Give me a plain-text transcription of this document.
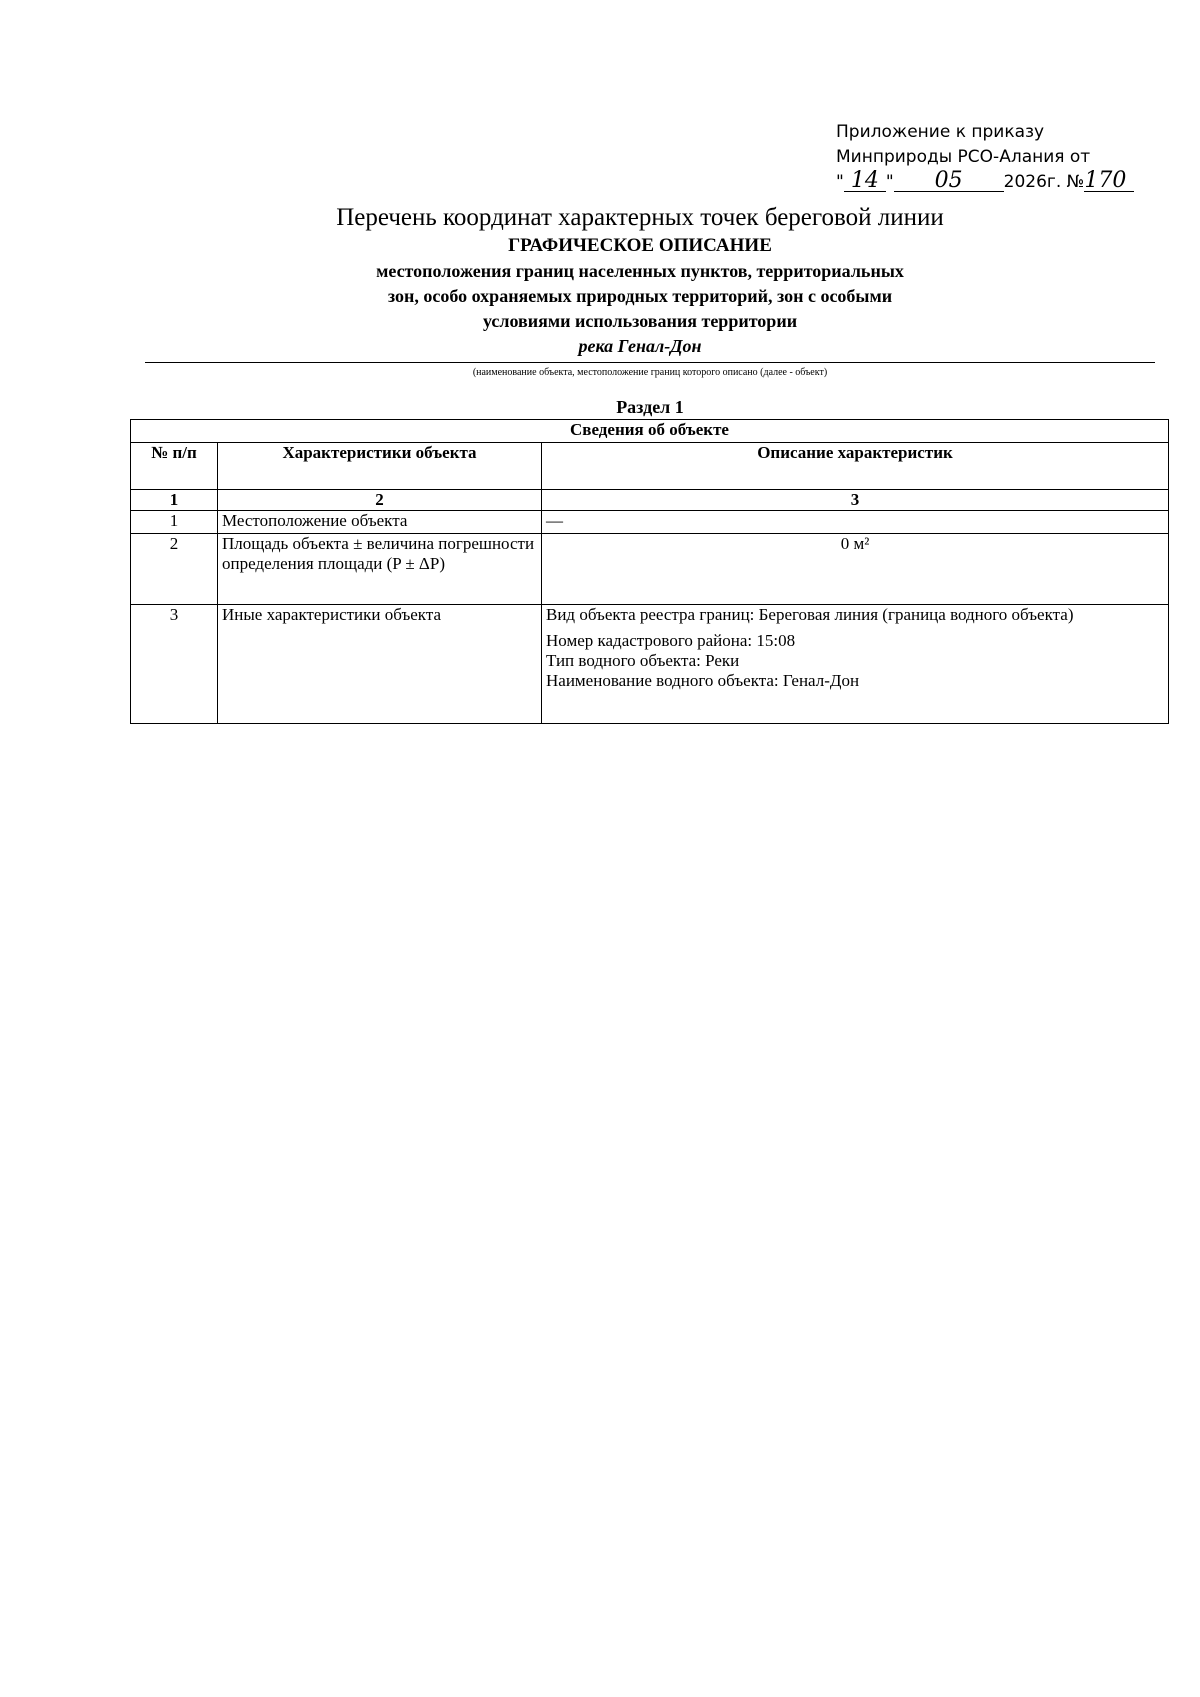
Приложение к приказу
Минприроды РСО-Алания от
" 14 " 05 2026г. №170
Перечень координат характерных точек береговой линии
ГРАФИЧЕСКОЕ ОПИСАНИЕ
местоположения границ населенных пунктов, территориальных
зон, особо охраняемых природных территорий, зон с особыми
условиями использования территории
река Генал-Дон
(наименование объекта, местоположение границ которого описано (далее - объект)
Раздел 1
Сведения об объекте		
№ п/п	Характеристики объекта	Описание характеристик
1	2	3
1	Местоположение объекта	—
2	Площадь объекта ± величина погрешности определения площади (P ± ΔP)	0 м²
3	Иные характеристики объекта	Вид объекта реестра границ: Береговая линия (граница водного объекта)
Номер кадастрового района: 15:08
Тип водного объекта: Реки
Наименование водного объекта: Генал-Дон
